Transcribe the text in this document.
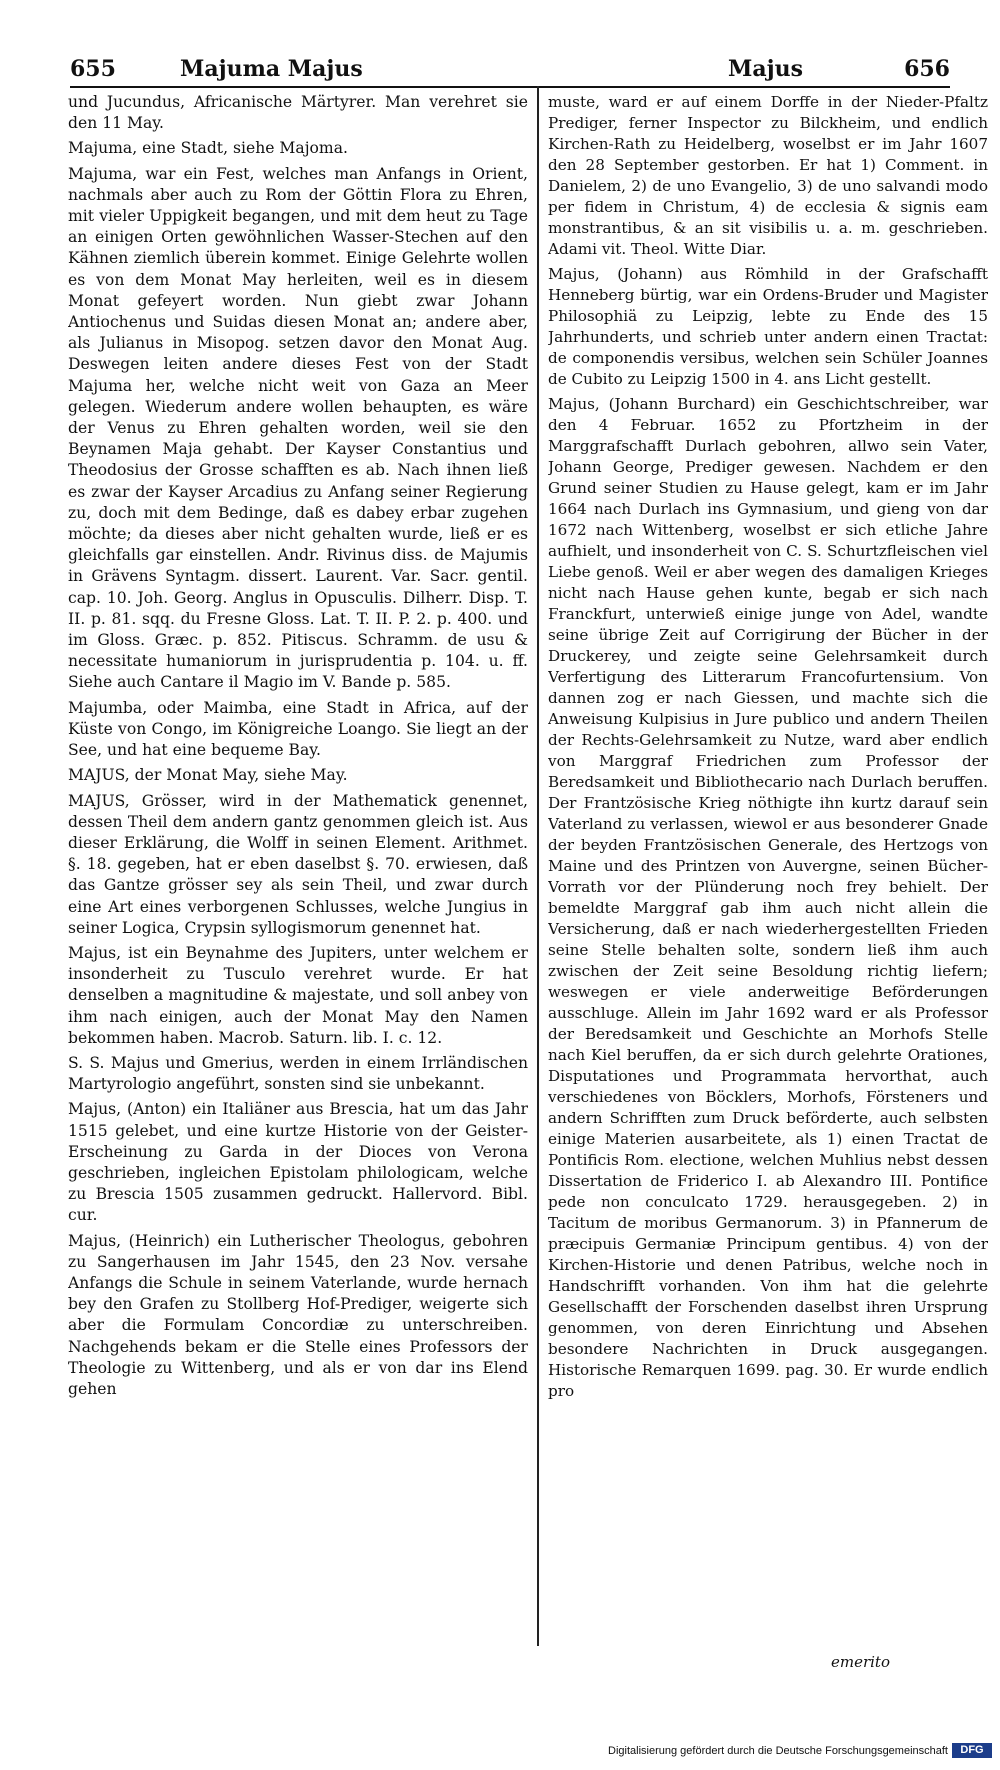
655	Majuma Majus	Majus	656

und Jucundus, Africanische Märtyrer. Man verehret sie den 11 May.

Majuma, eine Stadt, siehe Majoma.

Majuma, war ein Fest, welches man Anfangs in Orient, nachmals aber auch zu Rom der Göttin Flora zu Ehren, mit vieler Uppigkeit begangen, und mit dem heut zu Tage an einigen Orten gewöhnlichen Wasser-Stechen auf den Kähnen ziemlich überein kommet. Einige Gelehrte wollen es von dem Monat May herleiten, weil es in diesem Monat gefeyert worden. Nun giebt zwar Johann Antiochenus und Suidas diesen Monat an; andere aber, als Julianus in Misopog. setzen davor den Monat Aug. Deswegen leiten andere dieses Fest von der Stadt Majuma her, welche nicht weit von Gaza an Meer gelegen. Wiederum andere wollen behaupten, es wäre der Venus zu Ehren gehalten worden, weil sie den Beynamen Maja gehabt. Der Kayser Constantius und Theodosius der Grosse schafften es ab. Nach ihnen ließ es zwar der Kayser Arcadius zu Anfang seiner Regierung zu, doch mit dem Bedinge, daß es dabey erbar zugehen möchte; da dieses aber nicht gehalten wurde, ließ er es gleichfalls gar einstellen. Andr. Rivinus diss. de Majumis in Grävens Syntagm. dissert. Laurent. Var. Sacr. gentil. cap. 10. Joh. Georg. Anglus in Opusculis. Dilherr. Disp. T. II. p. 81. sqq. du Fresne Gloss. Lat. T. II. P. 2. p. 400. und im Gloss. Græc. p. 852. Pitiscus. Schramm. de usu & necessitate humaniorum in jurisprudentia p. 104. u. ff. Siehe auch Cantare il Magio im V. Bande p. 585.

Majumba, oder Maimba, eine Stadt in Africa, auf der Küste von Congo, im Königreiche Loango. Sie liegt an der See, und hat eine bequeme Bay.

MAJUS, der Monat May, siehe May.

MAJUS, Grösser, wird in der Mathematick genennet, dessen Theil dem andern gantz genommen gleich ist. Aus dieser Erklärung, die Wolff in seinen Element. Arithmet. §. 18. gegeben, hat er eben daselbst §. 70. erwiesen, daß das Gantze grösser sey als sein Theil, und zwar durch eine Art eines verborgenen Schlusses, welche Jungius in seiner Logica, Crypsin syllogismorum genennet hat.

Majus, ist ein Beynahme des Jupiters, unter welchem er insonderheit zu Tusculo verehret wurde. Er hat denselben a magnitudine & majestate, und soll anbey von ihm nach einigen, auch der Monat May den Namen bekommen haben. Macrob. Saturn. lib. I. c. 12.

S. S. Majus und Gmerius, werden in einem Irrländischen Martyrologio angeführt, sonsten sind sie unbekannt.

Majus, (Anton) ein Italiäner aus Brescia, hat um das Jahr 1515 gelebet, und eine kurtze Historie von der Geister-Erscheinung zu Garda in der Dioces von Verona geschrieben, ingleichen Epistolam philologicam, welche zu Brescia 1505 zusammen gedruckt. Hallervord. Bibl. cur.

Majus, (Heinrich) ein Lutherischer Theologus, gebohren zu Sangerhausen im Jahr 1545, den 23 Nov. versahe Anfangs die Schule in seinem Vaterlande, wurde hernach bey den Grafen zu Stollberg Hof-Prediger, weigerte sich aber die Formulam Concordiæ zu unterschreiben. Nachgehends bekam er die Stelle eines Professors der Theologie zu Wittenberg, und als er von dar ins Elend gehen

muste, ward er auf einem Dorffe in der Nieder-Pfaltz Prediger, ferner Inspector zu Bilckheim, und endlich Kirchen-Rath zu Heidelberg, woselbst er im Jahr 1607 den 28 September gestorben. Er hat 1) Comment. in Danielem, 2) de uno Evangelio, 3) de uno salvandi modo per fidem in Christum, 4) de ecclesia & signis eam monstrantibus, & an sit visibilis u. a. m. geschrieben. Adami vit. Theol. Witte Diar.

Majus, (Johann) aus Römhild in der Grafschafft Henneberg bürtig, war ein Ordens-Bruder und Magister Philosophiä zu Leipzig, lebte zu Ende des 15 Jahrhunderts, und schrieb unter andern einen Tractat: de componendis versibus, welchen sein Schüler Joannes de Cubito zu Leipzig 1500 in 4. ans Licht gestellt.

Majus, (Johann Burchard) ein Geschichtschreiber, war den 4 Februar. 1652 zu Pfortzheim in der Marggrafschafft Durlach gebohren, allwo sein Vater, Johann George, Prediger gewesen. Nachdem er den Grund seiner Studien zu Hause gelegt, kam er im Jahr 1664 nach Durlach ins Gymnasium, und gieng von dar 1672 nach Wittenberg, woselbst er sich etliche Jahre aufhielt, und insonderheit von C. S. Schurtzfleischen viel Liebe genoß. Weil er aber wegen des damaligen Krieges nicht nach Hause gehen kunte, begab er sich nach Franckfurt, unterwieß einige junge von Adel, wandte seine übrige Zeit auf Corrigirung der Bücher in der Druckerey, und zeigte seine Gelehrsamkeit durch Verfertigung des Litterarum Francofurtensium. Von dannen zog er nach Giessen, und machte sich die Anweisung Kulpisius in Jure publico und andern Theilen der Rechts-Gelehrsamkeit zu Nutze, ward aber endlich von Marggraf Friedrichen zum Professor der Beredsamkeit und Bibliothecario nach Durlach beruffen. Der Frantzösische Krieg nöthigte ihn kurtz darauf sein Vaterland zu verlassen, wiewol er aus besonderer Gnade der beyden Frantzösischen Generale, des Hertzogs von Maine und des Printzen von Auvergne, seinen Bücher-Vorrath vor der Plünderung noch frey behielt. Der bemeldte Marggraf gab ihm auch nicht allein die Versicherung, daß er nach wiederhergestellten Frieden seine Stelle behalten solte, sondern ließ ihm auch zwischen der Zeit seine Besoldung richtig liefern; weswegen er viele anderweitige Beförderungen ausschluge. Allein im Jahr 1692 ward er als Professor der Beredsamkeit und Geschichte an Morhofs Stelle nach Kiel beruffen, da er sich durch gelehrte Orationes, Disputationes und Programmata hervorthat, auch verschiedenes von Böcklers, Morhofs, Försteners und andern Schrifften zum Druck beförderte, auch selbsten einige Materien ausarbeitete, als 1) einen Tractat de Pontificis Rom. electione, welchen Muhlius nebst dessen Dissertation de Friderico I. ab Alexandro III. Pontifice pede non conculcato 1729. herausgegeben. 2) in Tacitum de moribus Germanorum. 3) in Pfannerum de præcipuis Germaniæ Principum gentibus. 4) von der Kirchen-Historie und denen Patribus, welche noch in Handschrifft vorhanden. Von ihm hat die gelehrte Gesellschafft der Forschenden daselbst ihren Ursprung genommen, von deren Einrichtung und Absehen besondere Nachrichten in Druck ausgegangen. Historische Remarquen 1699. pag. 30. Er wurde endlich pro

emerito
Digitalisierung gefördert durch die Deutsche Forschungsgemeinschaft	DFG
